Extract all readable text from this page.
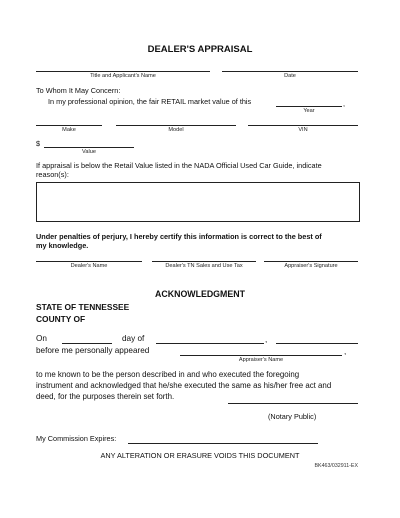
DEALER'S APPRAISAL
Title and Applicant's Name	Date
To Whom It May Concern:
In my professional opinion, the fair RETAIL market value of this	,
Year
Make	Model	VIN
$
Value
If appraisal is below the Retail Value listed in the NADA Official Used Car Guide, indicate
reason(s):
Under penalties of perjury, I hereby certify this information is correct to the best of
my knowledge.
Dealer's Name	Dealer's TN Sales and Use Tax	Appraiser's Signature
ACKNOWLEDGMENT
STATE OF TENNESSEE
COUNTY OF
On	day of	,
before me personally appeared	,
Appraiser's Name
to me known to be the person described in and who executed the foregoing
instrument and acknowledged that he/she executed the same as his/her free act and
deed, for the purposes therein set forth.
(Notary Public)
My Commission Expires:
ANY ALTERATION OR ERASURE VOIDS THIS DOCUMENT
BK463/032911-EX
